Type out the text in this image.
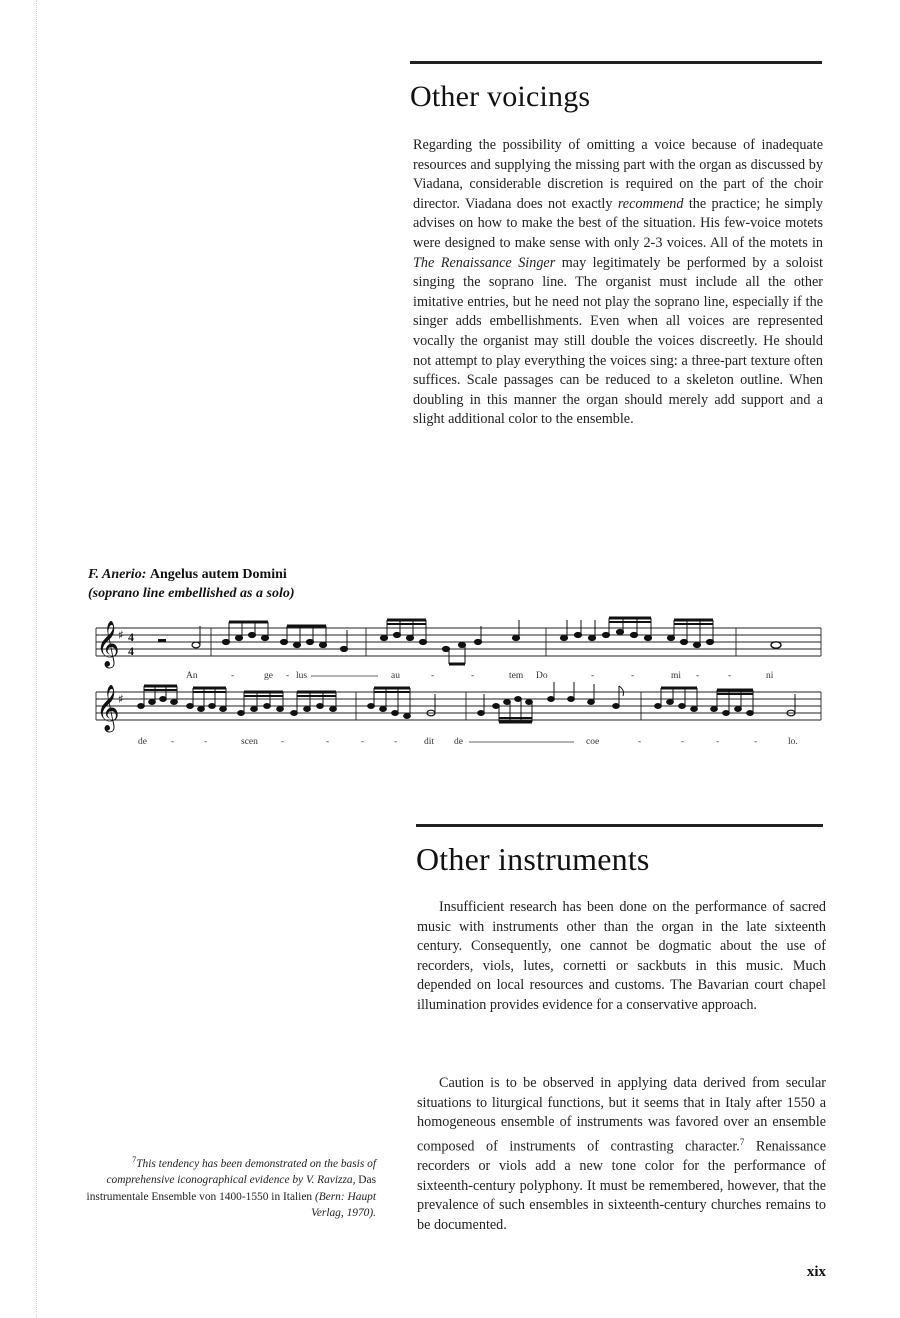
Other voicings

Regarding the possibility of omitting a voice because of inadequate resources and supplying the missing part with the organ as discussed by Viadana, considerable discretion is required on the part of the choir director. Viadana does not exactly recommend the practice; he simply advises on how to make the best of the situation. His few-voice motets were designed to make sense with only 2-3 voices. All of the motets in The Renaissance Singer may legitimately be performed by a soloist singing the soprano line. The organist must include all the other imitative entries, but he need not play the soprano line, especially if the singer adds embellishments. Even when all voices are represented vocally the organist may still double the voices discreetly. He should not attempt to play everything the voices sing: a three-part texture often suffices. Scale passages can be reduced to a skeleton outline. When doubling in this manner the organ should merely add support and a slight additional color to the ensemble.

F. Anerio: Angelus autem Domini
(soprano line embellished as a solo)
𝄞
♯ 4
4
An	-	ge - lus	au	-	-	tem Do	-	-	mi -	-	ni
𝄞
♯
de	-	-	scen -	-	-	-	dit de	coe	-	-	-	-	lo.
Other instruments

Insufficient research has been done on the performance of sacred music with instruments other than the organ in the late sixteenth century. Consequently, one cannot be dogmatic about the use of recorders, viols, lutes, cornetti or sackbuts in this music. Much depended on local resources and customs. The Bavarian court chapel illumination provides evidence for a conservative approach.

Caution is to be observed in applying data derived from secular situations to liturgical functions, but it seems that in Italy after 1550 a homogeneous ensemble of instruments was favored over an ensemble composed of instruments of contrasting character.$^7$ Renaissance recorders or viols add a new tone color for the performance of sixteenth-century polyphony. It must be remembered, however, that the prevalence of such ensembles in sixteenth-century churches remains to be documented.

$^7$This tendency has been demonstrated on the basis of comprehensive iconographical evidence by V. Ravizza, Das instrumentale Ensemble von 1400-1550 in Italien (Bern: Haupt Verlag, 1970).
xix
